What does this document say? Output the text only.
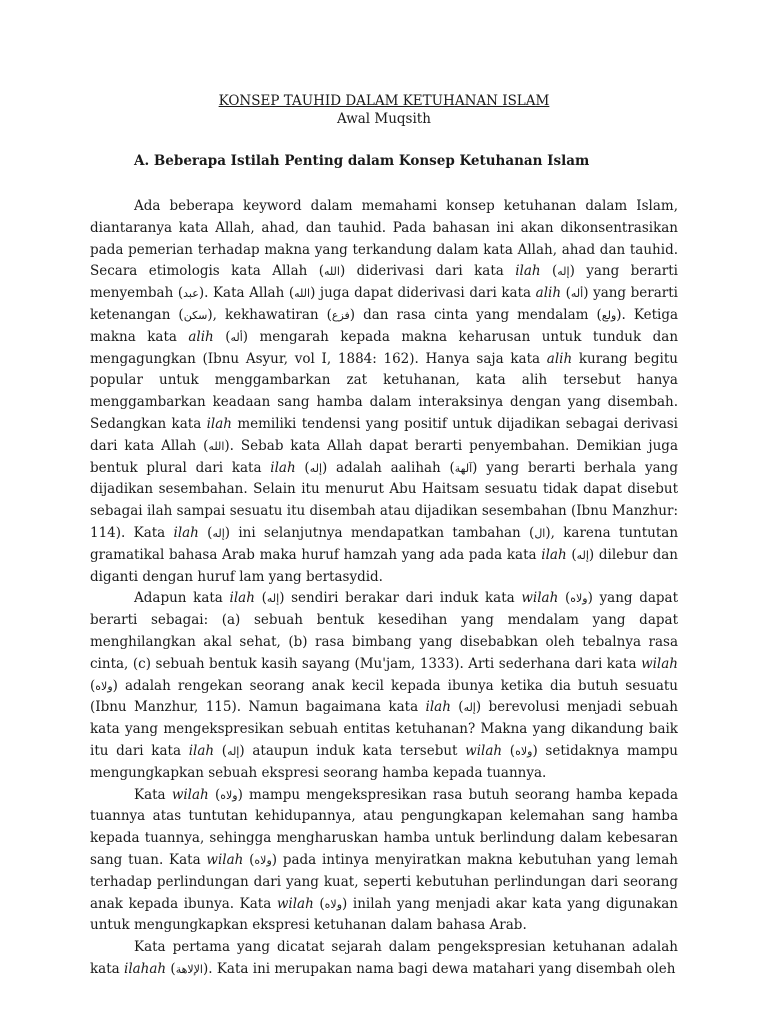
KONSEP TAUHID DALAM KETUHANAN ISLAM

Awal Muqsith

A. Beberapa Istilah Penting dalam Konsep Ketuhanan Islam

Ada beberapa keyword dalam memahami konsep ketuhanan dalam Islam, diantaranya kata Allah, ahad, dan tauhid. Pada bahasan ini akan dikonsentrasikan pada pemerian terhadap makna yang terkandung dalam kata Allah, ahad dan tauhid. Secara etimologis kata Allah (الله) diderivasi dari kata ilah (إله) yang berarti menyembah (عبد). Kata Allah (الله) juga dapat diderivasi dari kata alih (أله) yang berarti ketenangan (سكن), kekhawatiran (فزع) dan rasa cinta yang mendalam (ولع). Ketiga makna kata alih (أله) mengarah kepada makna keharusan untuk tunduk dan mengagungkan (Ibnu Asyur, vol I, 1884: 162). Hanya saja kata alih kurang begitu popular untuk menggambarkan zat ketuhanan, kata alih tersebut hanya menggambarkan keadaan sang hamba dalam interaksinya dengan yang disembah. Sedangkan kata ilah memiliki tendensi yang positif untuk dijadikan sebagai derivasi dari kata Allah (الله). Sebab kata Allah dapat berarti penyembahan. Demikian juga bentuk plural dari kata ilah (إله) adalah aalihah (آلهة) yang berarti berhala yang dijadikan sesembahan. Selain itu menurut Abu Haitsam sesuatu tidak dapat disebut sebagai ilah sampai sesuatu itu disembah atau dijadikan sesembahan (Ibnu Manzhur: 114). Kata ilah (إله) ini selanjutnya mendapatkan tambahan (ال), karena tuntutan gramatikal bahasa Arab maka huruf hamzah yang ada pada kata ilah (إله) dilebur dan diganti dengan huruf lam yang bertasydid.

Adapun kata ilah (إله) sendiri berakar dari induk kata wilah (ولاه) yang dapat berarti sebagai: (a) sebuah bentuk kesedihan yang mendalam yang dapat menghilangkan akal sehat, (b) rasa bimbang yang disebabkan oleh tebalnya rasa cinta, (c) sebuah bentuk kasih sayang (Mu'jam, 1333). Arti sederhana dari kata wilah (ولاه) adalah rengekan seorang anak kecil kepada ibunya ketika dia butuh sesuatu (Ibnu Manzhur, 115). Namun bagaimana kata ilah (إله) berevolusi menjadi sebuah kata yang mengekspresikan sebuah entitas ketuhanan? Makna yang dikandung baik itu dari kata ilah (إله) ataupun induk kata tersebut wilah (ولاه) setidaknya mampu mengungkapkan sebuah ekspresi seorang hamba kepada tuannya.

Kata wilah (ولاه) mampu mengekspresikan rasa butuh seorang hamba kepada tuannya atas tuntutan kehidupannya, atau pengungkapan kelemahan sang hamba kepada tuannya, sehingga mengharuskan hamba untuk berlindung dalam kebesaran sang tuan. Kata wilah (ولاه) pada intinya menyiratkan makna kebutuhan yang lemah terhadap perlindungan dari yang kuat, seperti kebutuhan perlindungan dari seorang anak kepada ibunya. Kata wilah (ولاه) inilah yang menjadi akar kata yang digunakan untuk mengungkapkan ekspresi ketuhanan dalam bahasa Arab.

Kata pertama yang dicatat sejarah dalam pengekspresian ketuhanan adalah kata ilahah (الإلاهة). Kata ini merupakan nama bagi dewa matahari yang disembah oleh
